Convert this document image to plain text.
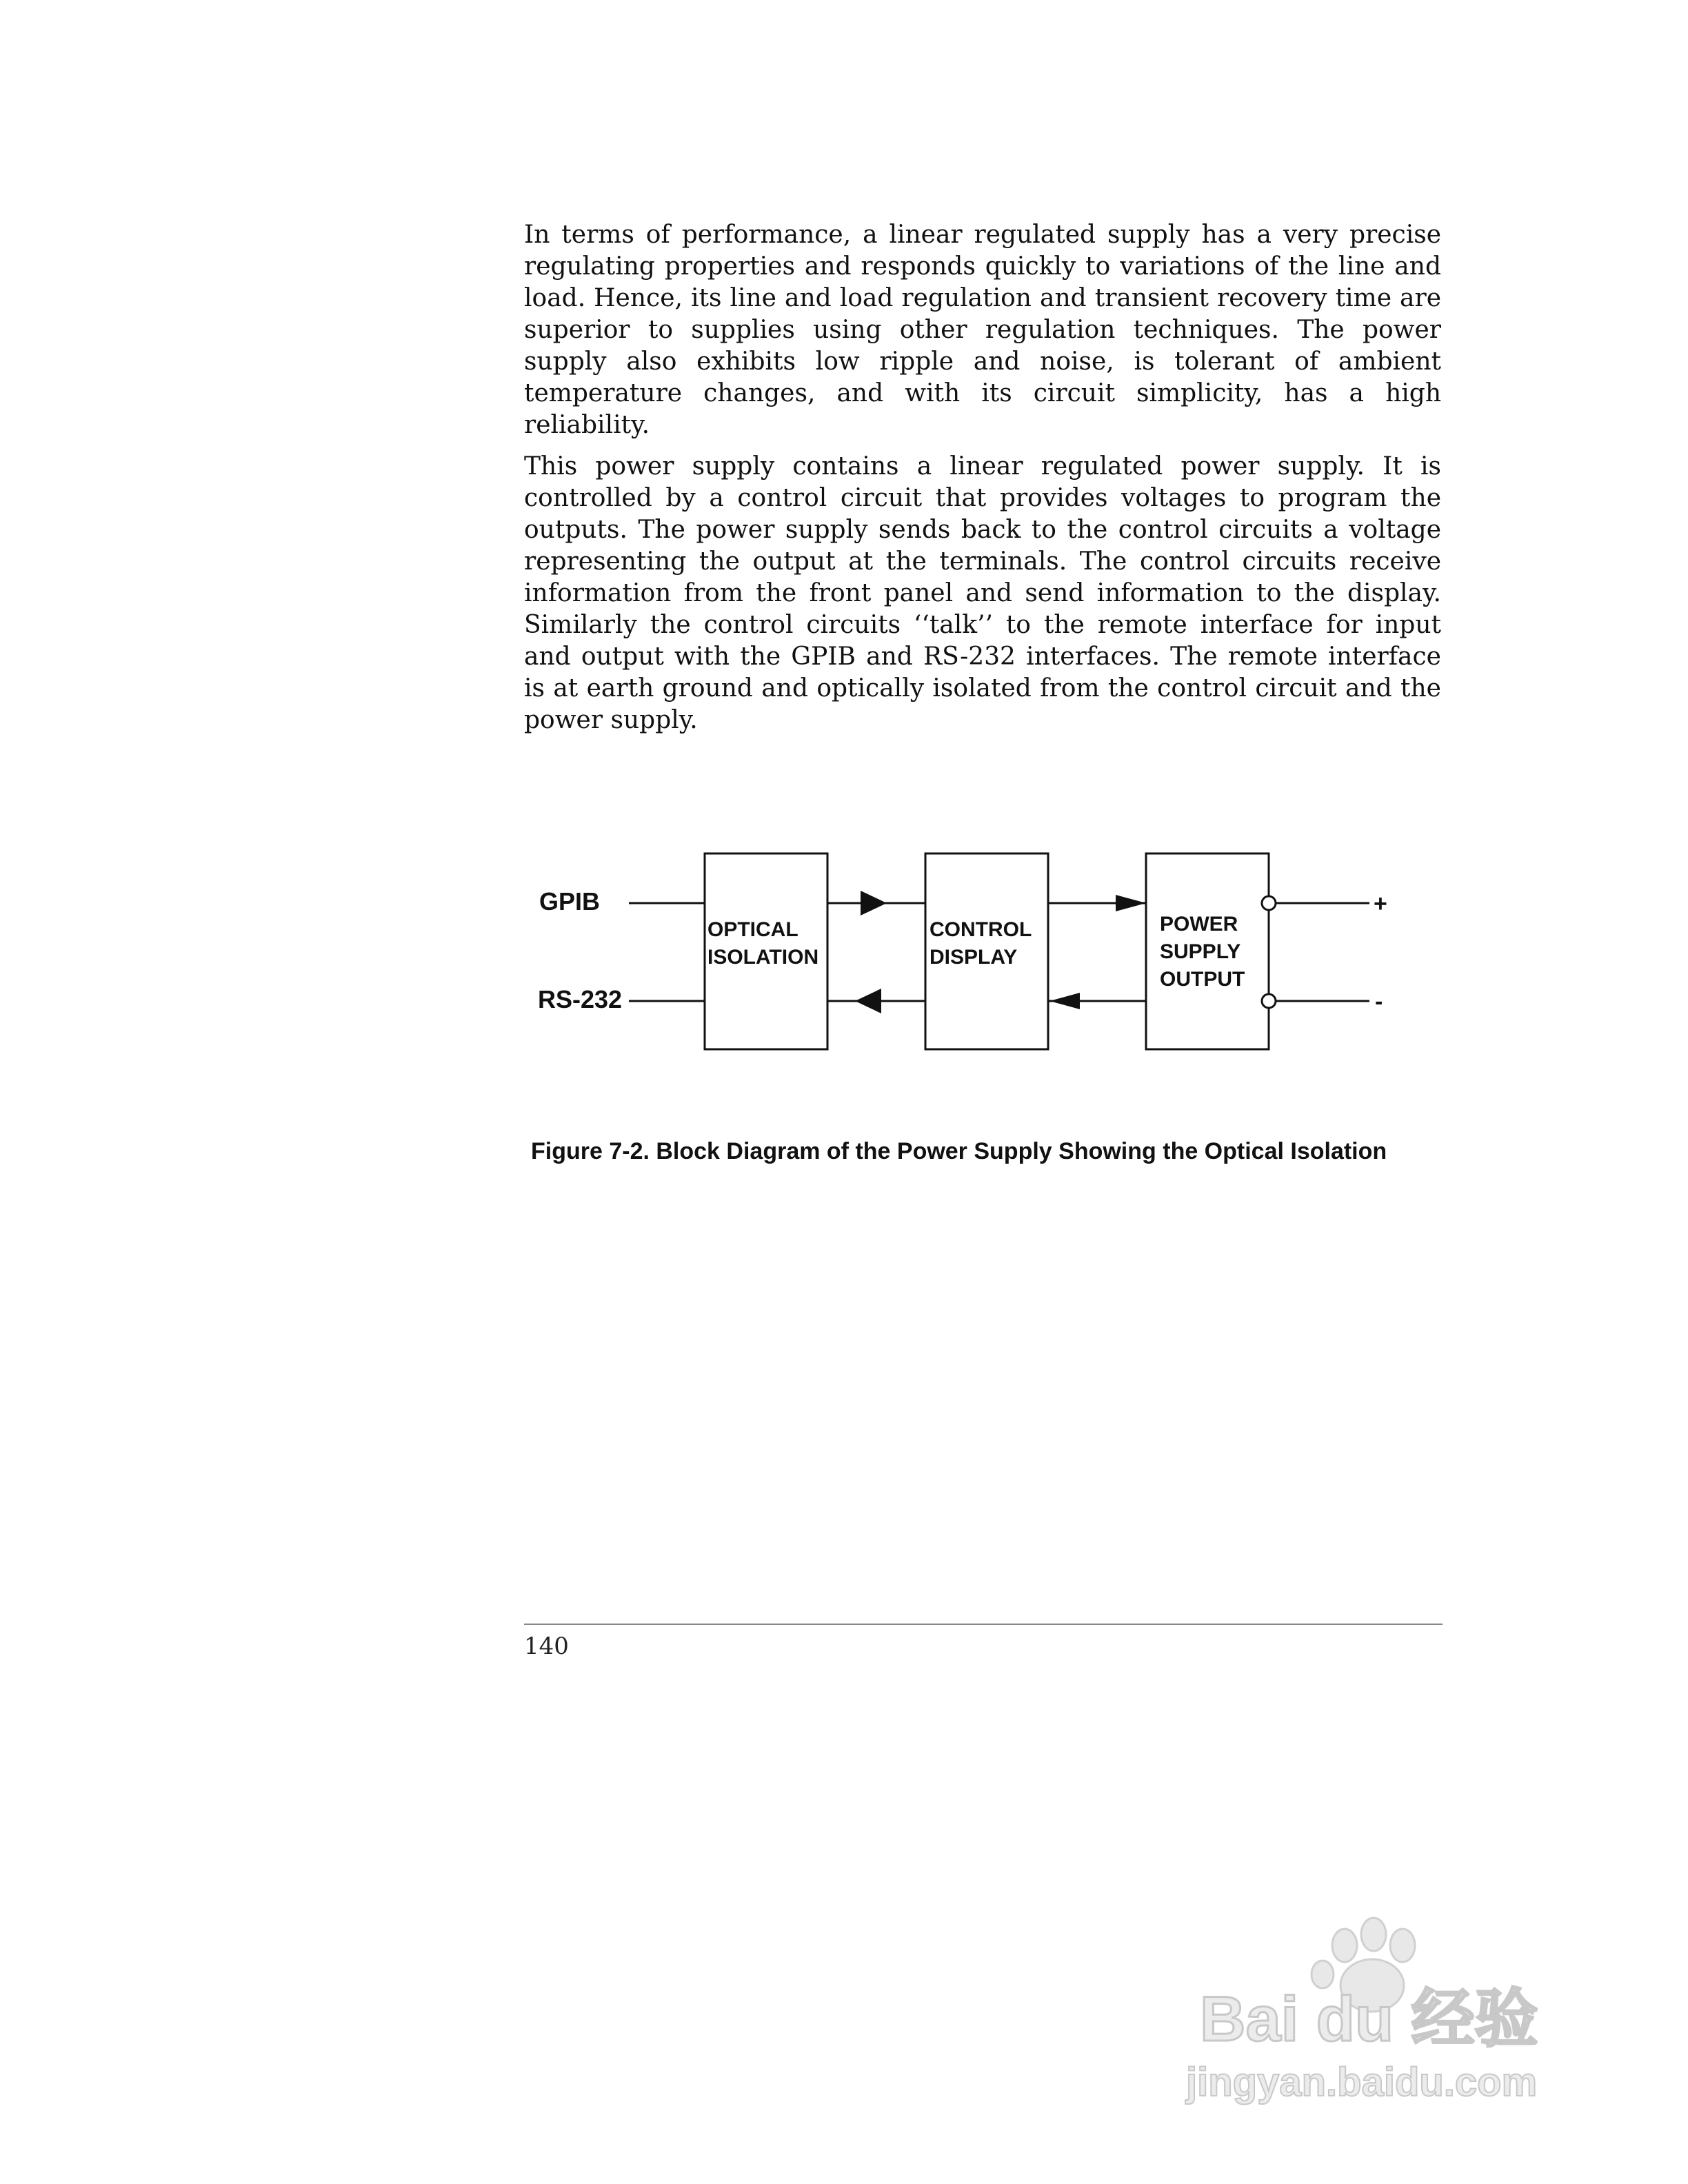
In terms of performance, a linear regulated supply has a very precise regulating properties and responds quickly to variations of the line and load. Hence, its line and load regulation and transient recovery time are superior to supplies using other regulation techniques. The power supply also exhibits low ripple and noise, is tolerant of ambient temperature changes, and with its circuit simplicity, has a high reliability.

This power supply contains a linear regulated power supply. It is controlled by a control circuit that provides voltages to program the outputs. The power supply sends back to the control circuits a voltage representing the output at the terminals. The control circuits receive information from the front panel and send information to the display. Similarly the control circuits ‘‘talk’’ to the remote interface for input and output with the GPIB and RS-232 interfaces. The remote interface is at earth ground and optically isolated from the control circuit and the power supply.

GPIB
RS-232
OPTICAL
ISOLATION
CONTROL
DISPLAY
POWER
SUPPLY
OUTPUT
+
-
Figure 7-2. Block Diagram of the Power Supply Showing the Optical Isolation
140
Bai du 经验
jingyan.baidu.com
